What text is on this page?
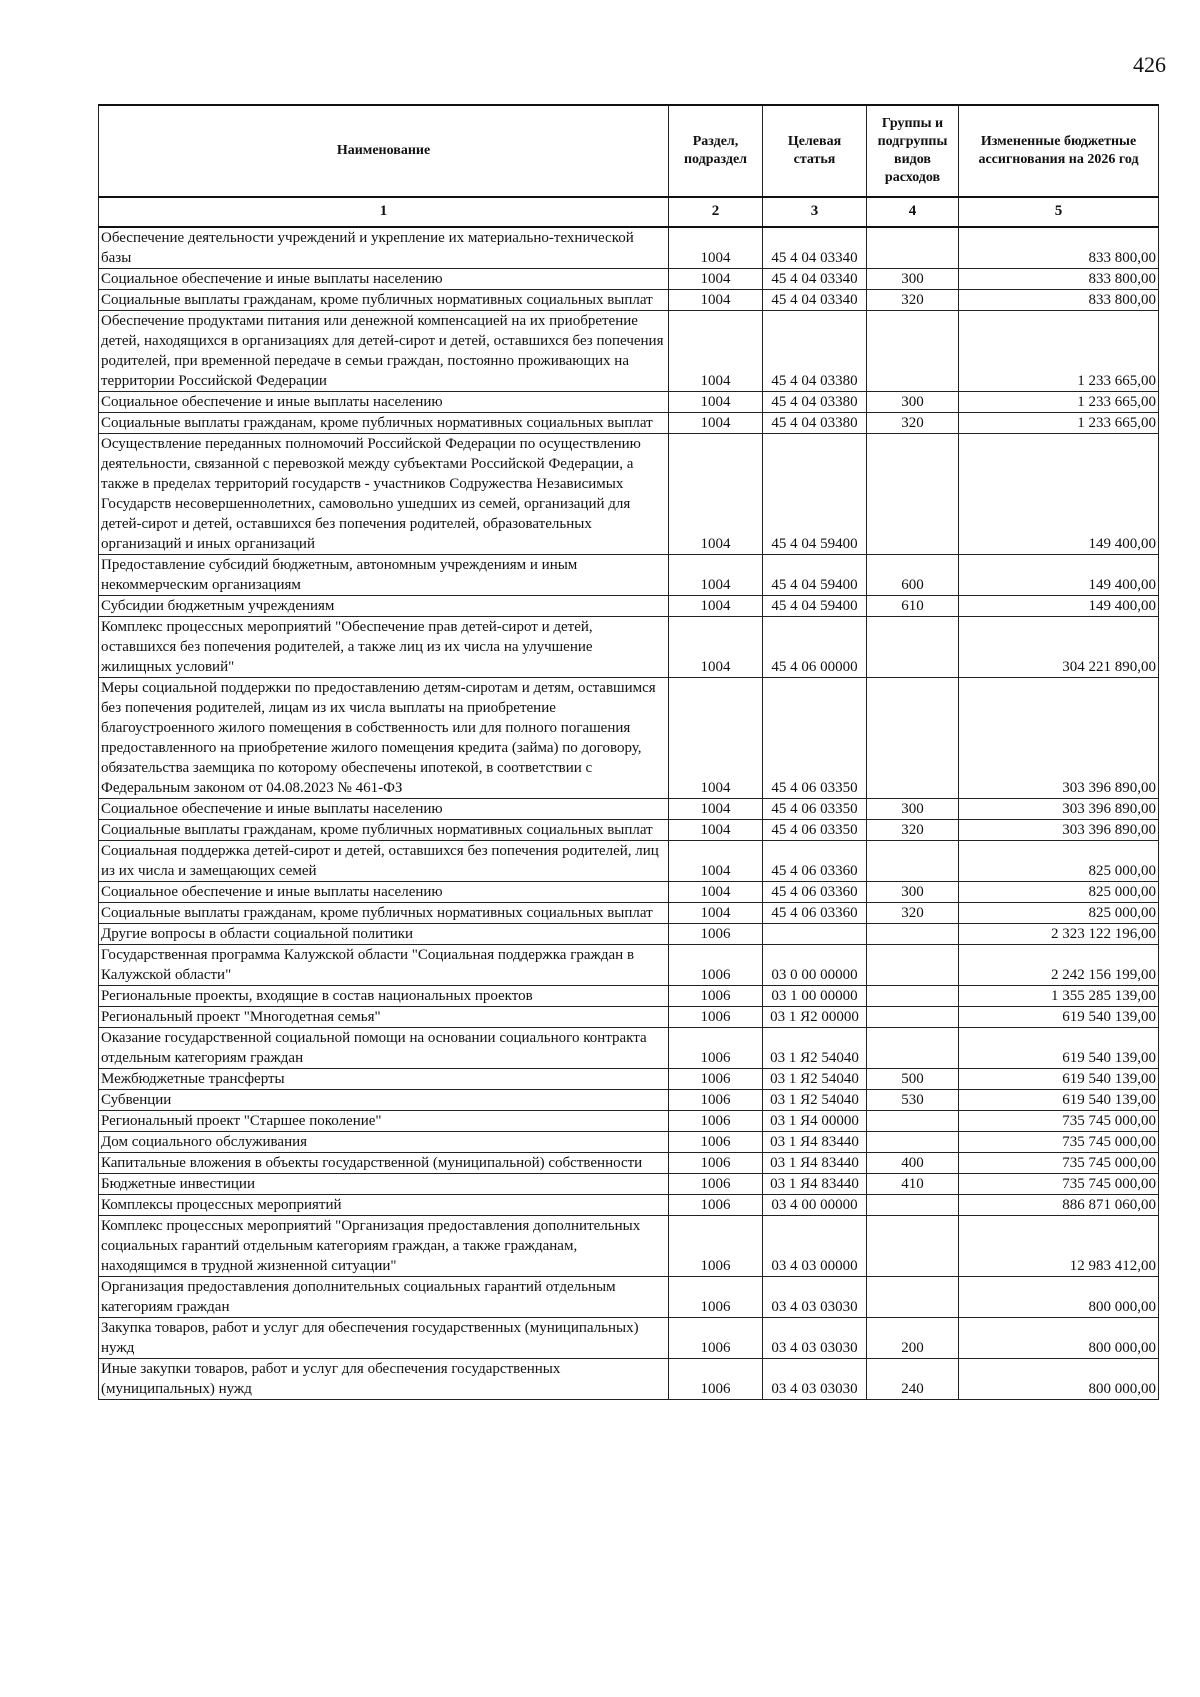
426
Наименование	Раздел, подраздел	Целевая статья	Группы и подгруппы видов расходов	Измененные бюджетные ассигнования на 2026 год
1	2	3	4	5
Обеспечение деятельности учреждений и укрепление их материально-технической базы	1004	45 4 04 03340		833 800,00
Социальное обеспечение и иные выплаты населению	1004	45 4 04 03340	300	833 800,00
Социальные выплаты гражданам, кроме публичных нормативных социальных выплат	1004	45 4 04 03340	320	833 800,00
Обеспечение продуктами питания или денежной компенсацией на их приобретение детей, находящихся в организациях для детей-сирот и детей, оставшихся без попечения родителей, при временной передаче в семьи граждан, постоянно проживающих на территории Российской Федерации	1004	45 4 04 03380		1 233 665,00
Социальное обеспечение и иные выплаты населению	1004	45 4 04 03380	300	1 233 665,00
Социальные выплаты гражданам, кроме публичных нормативных социальных выплат	1004	45 4 04 03380	320	1 233 665,00
Осуществление переданных полномочий Российской Федерации по осуществлению деятельности, связанной с перевозкой между субъектами Российской Федерации, а также в пределах территорий государств - участников Содружества Независимых Государств несовершеннолетних, самовольно ушедших из семей, организаций для детей-сирот и детей, оставшихся без попечения родителей, образовательных организаций и иных организаций	1004	45 4 04 59400		149 400,00
Предоставление субсидий бюджетным, автономным учреждениям и иным некоммерческим организациям	1004	45 4 04 59400	600	149 400,00
Субсидии бюджетным учреждениям	1004	45 4 04 59400	610	149 400,00
Комплекс процессных мероприятий "Обеспечение прав детей-сирот и детей, оставшихся без попечения родителей, а также лиц из их числа на улучшение жилищных условий"	1004	45 4 06 00000		304 221 890,00
Меры социальной поддержки по предоставлению детям-сиротам и детям, оставшимся без попечения родителей, лицам из их числа выплаты на приобретение благоустроенного жилого помещения в собственность или для полного погашения предоставленного на приобретение жилого помещения кредита (займа) по договору, обязательства заемщика по которому обеспечены ипотекой, в соответствии с Федеральным законом от 04.08.2023 № 461-ФЗ	1004	45 4 06 03350		303 396 890,00
Социальное обеспечение и иные выплаты населению	1004	45 4 06 03350	300	303 396 890,00
Социальные выплаты гражданам, кроме публичных нормативных социальных выплат	1004	45 4 06 03350	320	303 396 890,00
Социальная поддержка детей-сирот и детей, оставшихся без попечения родителей, лиц из их числа и замещающих семей	1004	45 4 06 03360		825 000,00
Социальное обеспечение и иные выплаты населению	1004	45 4 06 03360	300	825 000,00
Социальные выплаты гражданам, кроме публичных нормативных социальных выплат	1004	45 4 06 03360	320	825 000,00
Другие вопросы в области социальной политики	1006			2 323 122 196,00
Государственная программа Калужской области "Социальная поддержка граждан в Калужской области"	1006	03 0 00 00000		2 242 156 199,00
Региональные проекты, входящие в состав национальных проектов	1006	03 1 00 00000		1 355 285 139,00
Региональный проект "Многодетная семья"	1006	03 1 Я2 00000		619 540 139,00
Оказание государственной социальной помощи на основании социального контракта отдельным категориям граждан	1006	03 1 Я2 54040		619 540 139,00
Межбюджетные трансферты	1006	03 1 Я2 54040	500	619 540 139,00
Субвенции	1006	03 1 Я2 54040	530	619 540 139,00
Региональный проект "Старшее поколение"	1006	03 1 Я4 00000		735 745 000,00
Дом социального обслуживания	1006	03 1 Я4 83440		735 745 000,00
Капитальные вложения в объекты государственной (муниципальной) собственности	1006	03 1 Я4 83440	400	735 745 000,00
Бюджетные инвестиции	1006	03 1 Я4 83440	410	735 745 000,00
Комплексы процессных мероприятий	1006	03 4 00 00000		886 871 060,00
Комплекс процессных мероприятий "Организация предоставления дополнительных социальных гарантий отдельным категориям граждан, а также гражданам, находящимся в трудной жизненной ситуации"	1006	03 4 03 00000		12 983 412,00
Организация предоставления дополнительных социальных гарантий отдельным категориям граждан	1006	03 4 03 03030		800 000,00
Закупка товаров, работ и услуг для обеспечения государственных (муниципальных) нужд	1006	03 4 03 03030	200	800 000,00
Иные закупки товаров, работ и услуг для обеспечения государственных (муниципальных) нужд	1006	03 4 03 03030	240	800 000,00
